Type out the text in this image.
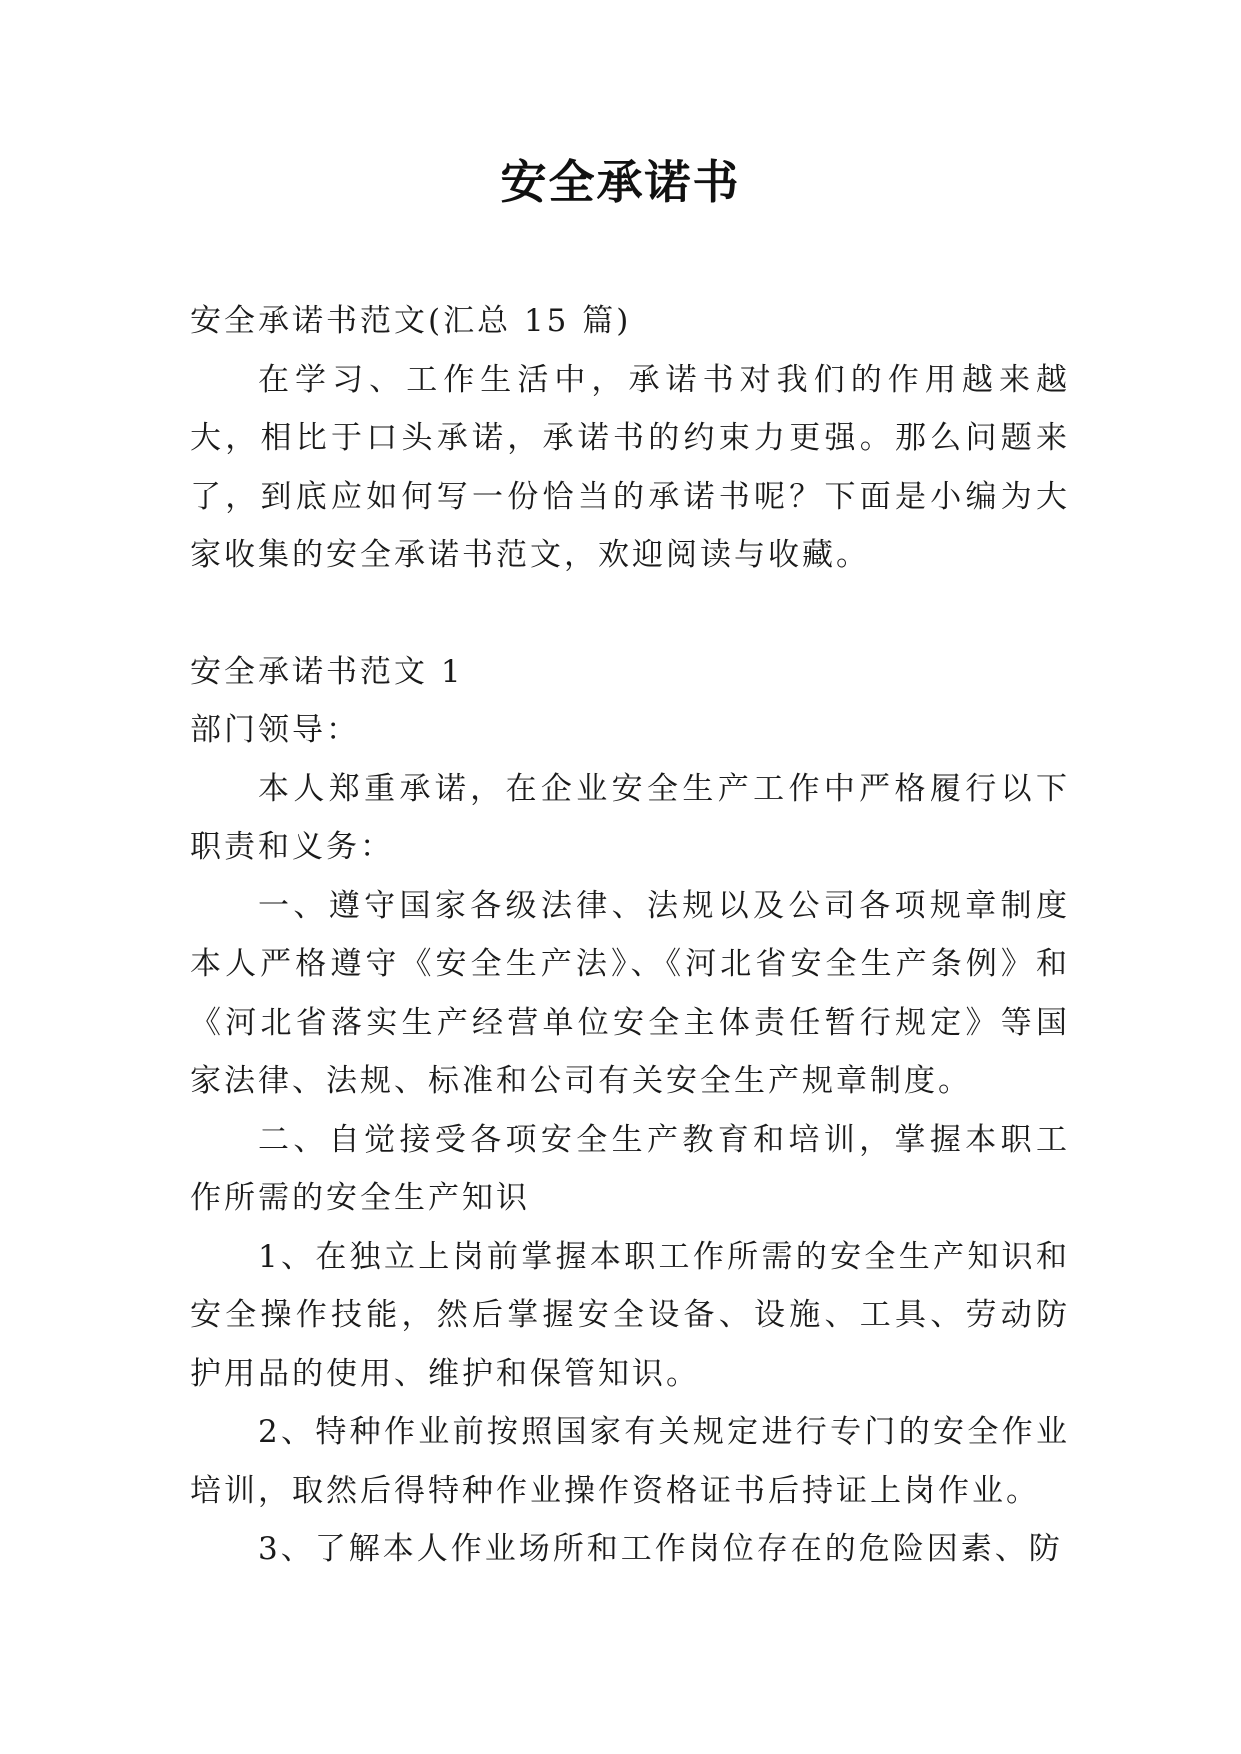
安全承诺书

安全承诺书范文(汇总 15 篇)

在学习、工作生活中，承诺书对我们的作用越来越大，相比于口头承诺，承诺书的约束力更强。那么问题来了，到底应如何写一份恰当的承诺书呢？下面是小编为大家收集的安全承诺书范文，欢迎阅读与收藏。

安全承诺书范文 1

部门领导：

本人郑重承诺，在企业安全生产工作中严格履行以下职责和义务：

一、遵守国家各级法律、法规以及公司各项规章制度本人严格遵守《安全生产法》、《河北省安全生产条例》和《河北省落实生产经营单位安全主体责任暂行规定》等国家法律、法规、标准和公司有关安全生产规章制度。

二、自觉接受各项安全生产教育和培训，掌握本职工作所需的安全生产知识

1、在独立上岗前掌握本职工作所需的安全生产知识和安全操作技能，然后掌握安全设备、设施、工具、劳动防护用品的使用、维护和保管知识。

2、特种作业前按照国家有关规定进行专门的安全作业培训，取然后得特种作业操作资格证书后持证上岗作业。

3、了解本人作业场所和工作岗位存在的危险因素、防
